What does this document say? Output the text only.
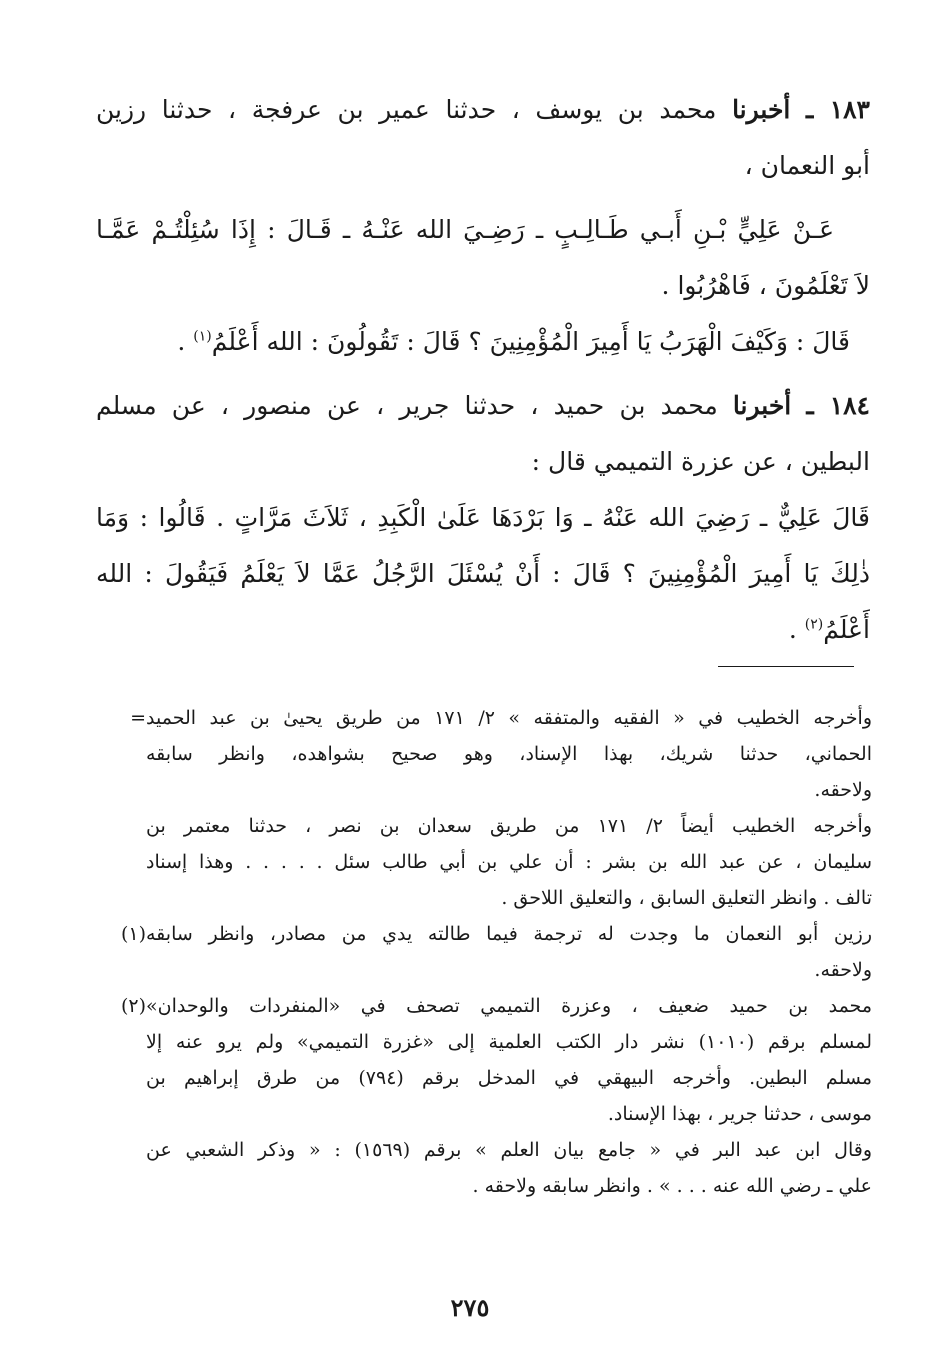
١٨٣ ـ أخبرنا محمد بن يوسف ، حدثنا عمير بن عرفجة ، حدثنا رزين
أبو النعمان ،
عَـنْ عَلِيٍّ بْـنِ أَبـي طَـالِـبٍ ـ رَضِـيَ الله عَنْـهُ ـ قَـالَ : إِذَا سُئِلْتُـمْ عَمَّـا
لاَ تَعْلَمُونَ ، فَاهْرُبُوا .
قَالَ : وَكَيْفَ الْهَرَبُ يَا أَمِيرَ الْمُؤْمِنِينَ ؟ قَالَ : تَقُولُونَ : الله أَعْلَمُ$^{(١)}$ .
١٨٤ ـ أخبرنا محمد بن حميد ، حدثنا جرير ، عن منصور ، عن مسلم
البطين ، عن عزرة التميمي قال :
قَالَ عَلِيٌّ ـ رَضِيَ الله عَنْهُ ـ وَا بَرْدَهَا عَلَىٰ الْكَبِدِ ، ثَلاَثَ مَرَّاتٍ . قَالُوا : وَمَا
ذٰلِكَ يَا أَمِيرَ الْمُؤْمِنِينَ ؟ قَالَ : أَنْ يُسْئَلَ الرَّجُلُ عَمَّا لاَ يَعْلَمُ فَيَقُولَ : الله
أَعْلَمُ$^{(٢)}$ .
= وأخرجه الخطيب في « الفقيه والمتفقه » ٢/ ١٧١ من طريق يحيىٰ بن عبد الحميد
الحماني، حدثنا شريك، بهذا الإسناد، وهو صحيح بشواهده، وانظر سابقه
ولاحقه.
وأخرجه الخطيب أيضاً ٢/ ١٧١ من طريق سعدان بن نصر ، حدثنا معتمر بن
سليمان ، عن عبد الله بن بشر : أن علي بن أبي طالب سئل . . . . . وهذا إسناد
تالف . وانظر التعليق السابق ، والتعليق اللاحق .
(١) رزين أبو النعمان ما وجدت له ترجمة فيما طالته يدي من مصادر، وانظر سابقه
ولاحقه.
(٢) محمد بن حميد ضعيف ، وعزرة التميمي تصحف في «المنفردات والوحدان»
لمسلم برقم (١٠١٠) نشر دار الكتب العلمية إلى «غزرة التميمي» ولم يرو عنه إلا
مسلم البطين. وأخرجه البيهقي في المدخل برقم (٧٩٤) من طرق إبراهيم بن
موسى ، حدثنا جرير ، بهذا الإسناد.
وقال ابن عبد البر في « جامع بيان العلم » برقم (١٥٦٩) : « وذكر الشعبي عن
علي ـ رضي الله عنه . . . » . وانظر سابقه ولاحقه .
٢٧٥
